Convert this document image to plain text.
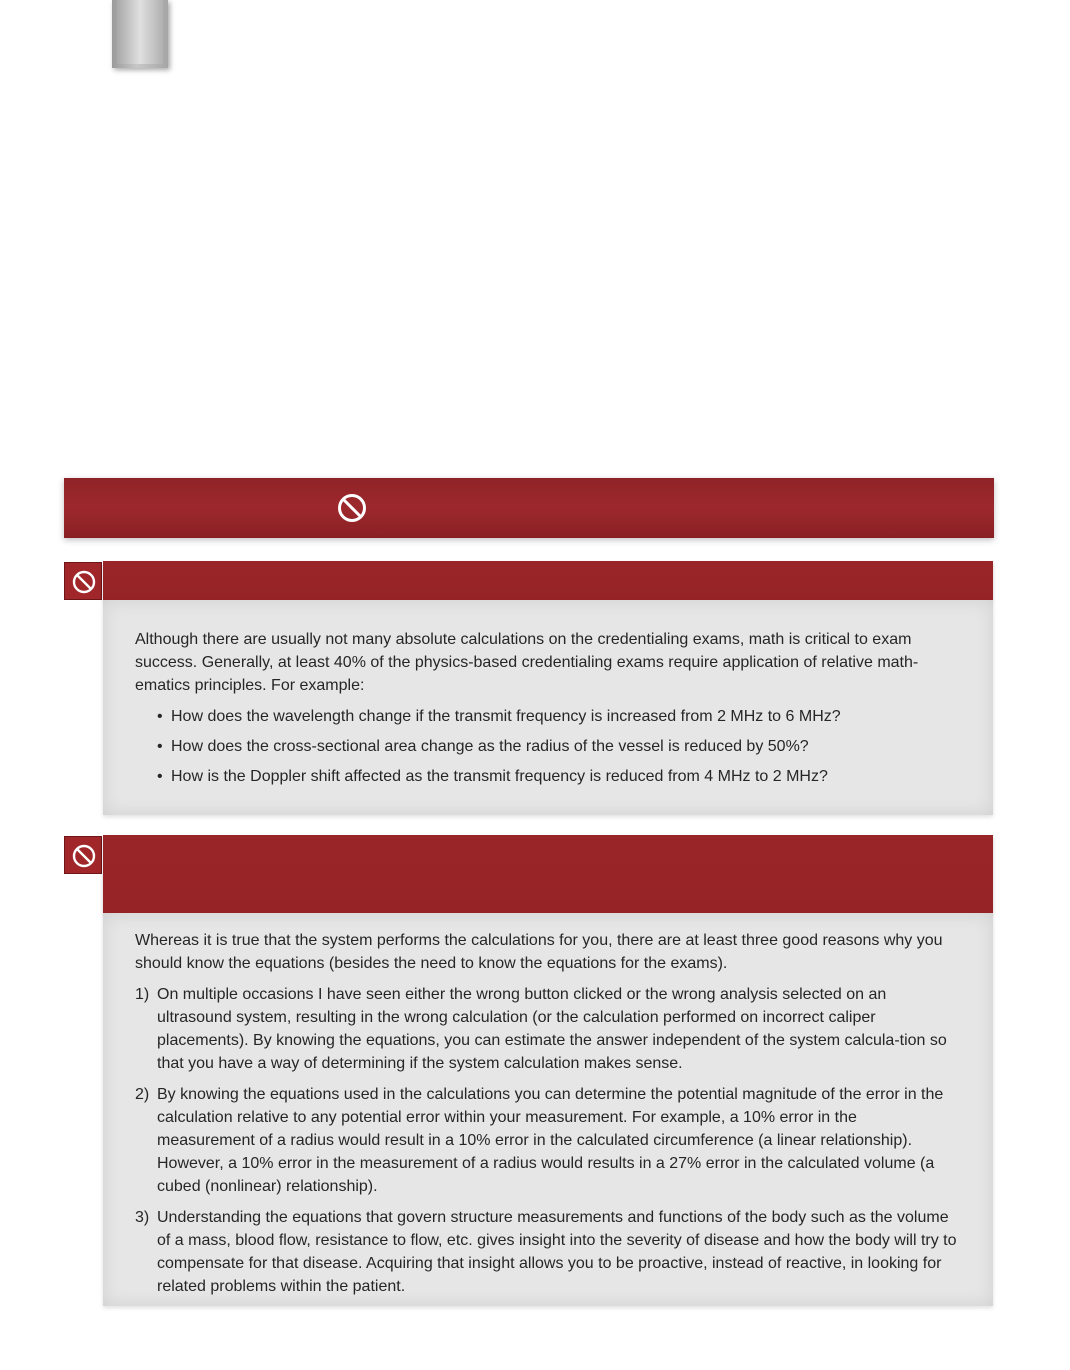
Although there are usually not many absolute calculations on the credentialing exams, math is critical to exam success. Generally, at least 40% of the physics-based credentialing exams require application of relative math-ematics principles. For example:

• How does the wavelength change if the transmit frequency is increased from 2 MHz to 6 MHz?
• How does the cross-sectional area change as the radius of the vessel is reduced by 50%?
• How is the Doppler shift affected as the transmit frequency is reduced from 4 MHz to 2 MHz?

Whereas it is true that the system performs the calculations for you, there are at least three good reasons why you should know the equations (besides the need to know the equations for the exams).

1) On multiple occasions I have seen either the wrong button clicked or the wrong analysis selected on an ultrasound system, resulting in the wrong calculation (or the calculation performed on incorrect caliper placements). By knowing the equations, you can estimate the answer independent of the system calcula-tion so that you have a way of determining if the system calculation makes sense.
2) By knowing the equations used in the calculations you can determine the potential magnitude of the error in the calculation relative to any potential error within your measurement. For example, a 10% error in the measurement of a radius would result in a 10% error in the calculated circumference (a linear relationship). However, a 10% error in the measurement of a radius would results in a 27% error in the calculated volume (a cubed (nonlinear) relationship).
3) Understanding the equations that govern structure measurements and functions of the body such as the volume of a mass, blood flow, resistance to flow, etc. gives insight into the severity of disease and how the body will try to compensate for that disease. Acquiring that insight allows you to be proactive, instead of reactive, in looking for related problems within the patient.
